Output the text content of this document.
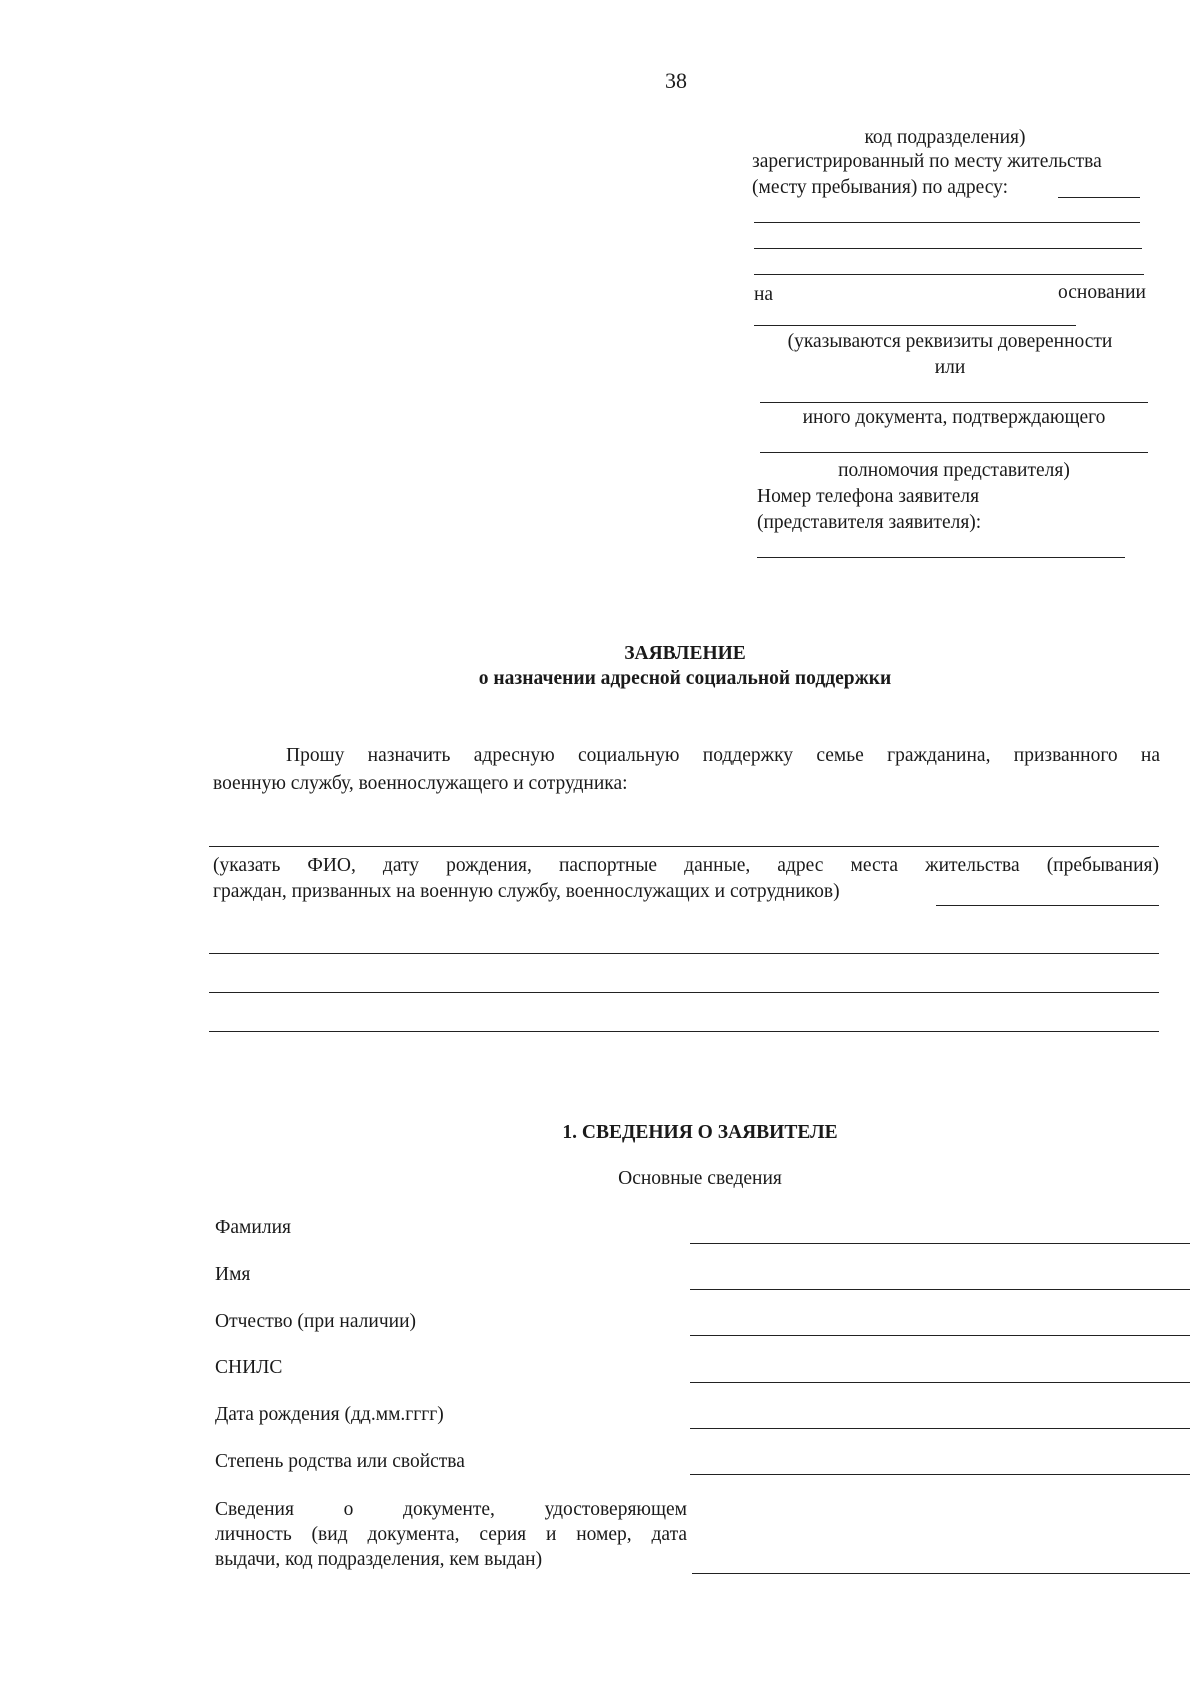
38
код подразделения)
зарегистрированный по месту жительства
(месту пребывания) по адресу:
на	основании
(указываются реквизиты доверенности
или
иного документа, подтверждающего
полномочия представителя)
Номер телефона заявителя
(представителя заявителя):
ЗАЯВЛЕНИЕ
о назначении адресной социальной поддержки
Прошу назначить адресную социальную поддержку семье гражданина, призванного на
военную службу, военнослужащего и сотрудника:
(указать ФИО, дату рождения, паспортные данные, адрес места жительства (пребывания)
граждан, призванных на военную службу, военнослужащих и сотрудников)
1. СВЕДЕНИЯ О ЗАЯВИТЕЛЕ
Основные сведения
Фамилия
Имя
Отчество (при наличии)
СНИЛС
Дата рождения (дд.мм.гггг)
Степень родства или свойства
Сведения о документе, удостоверяющем
личность (вид документа, серия и номер, дата
выдачи, код подразделения, кем выдан)
